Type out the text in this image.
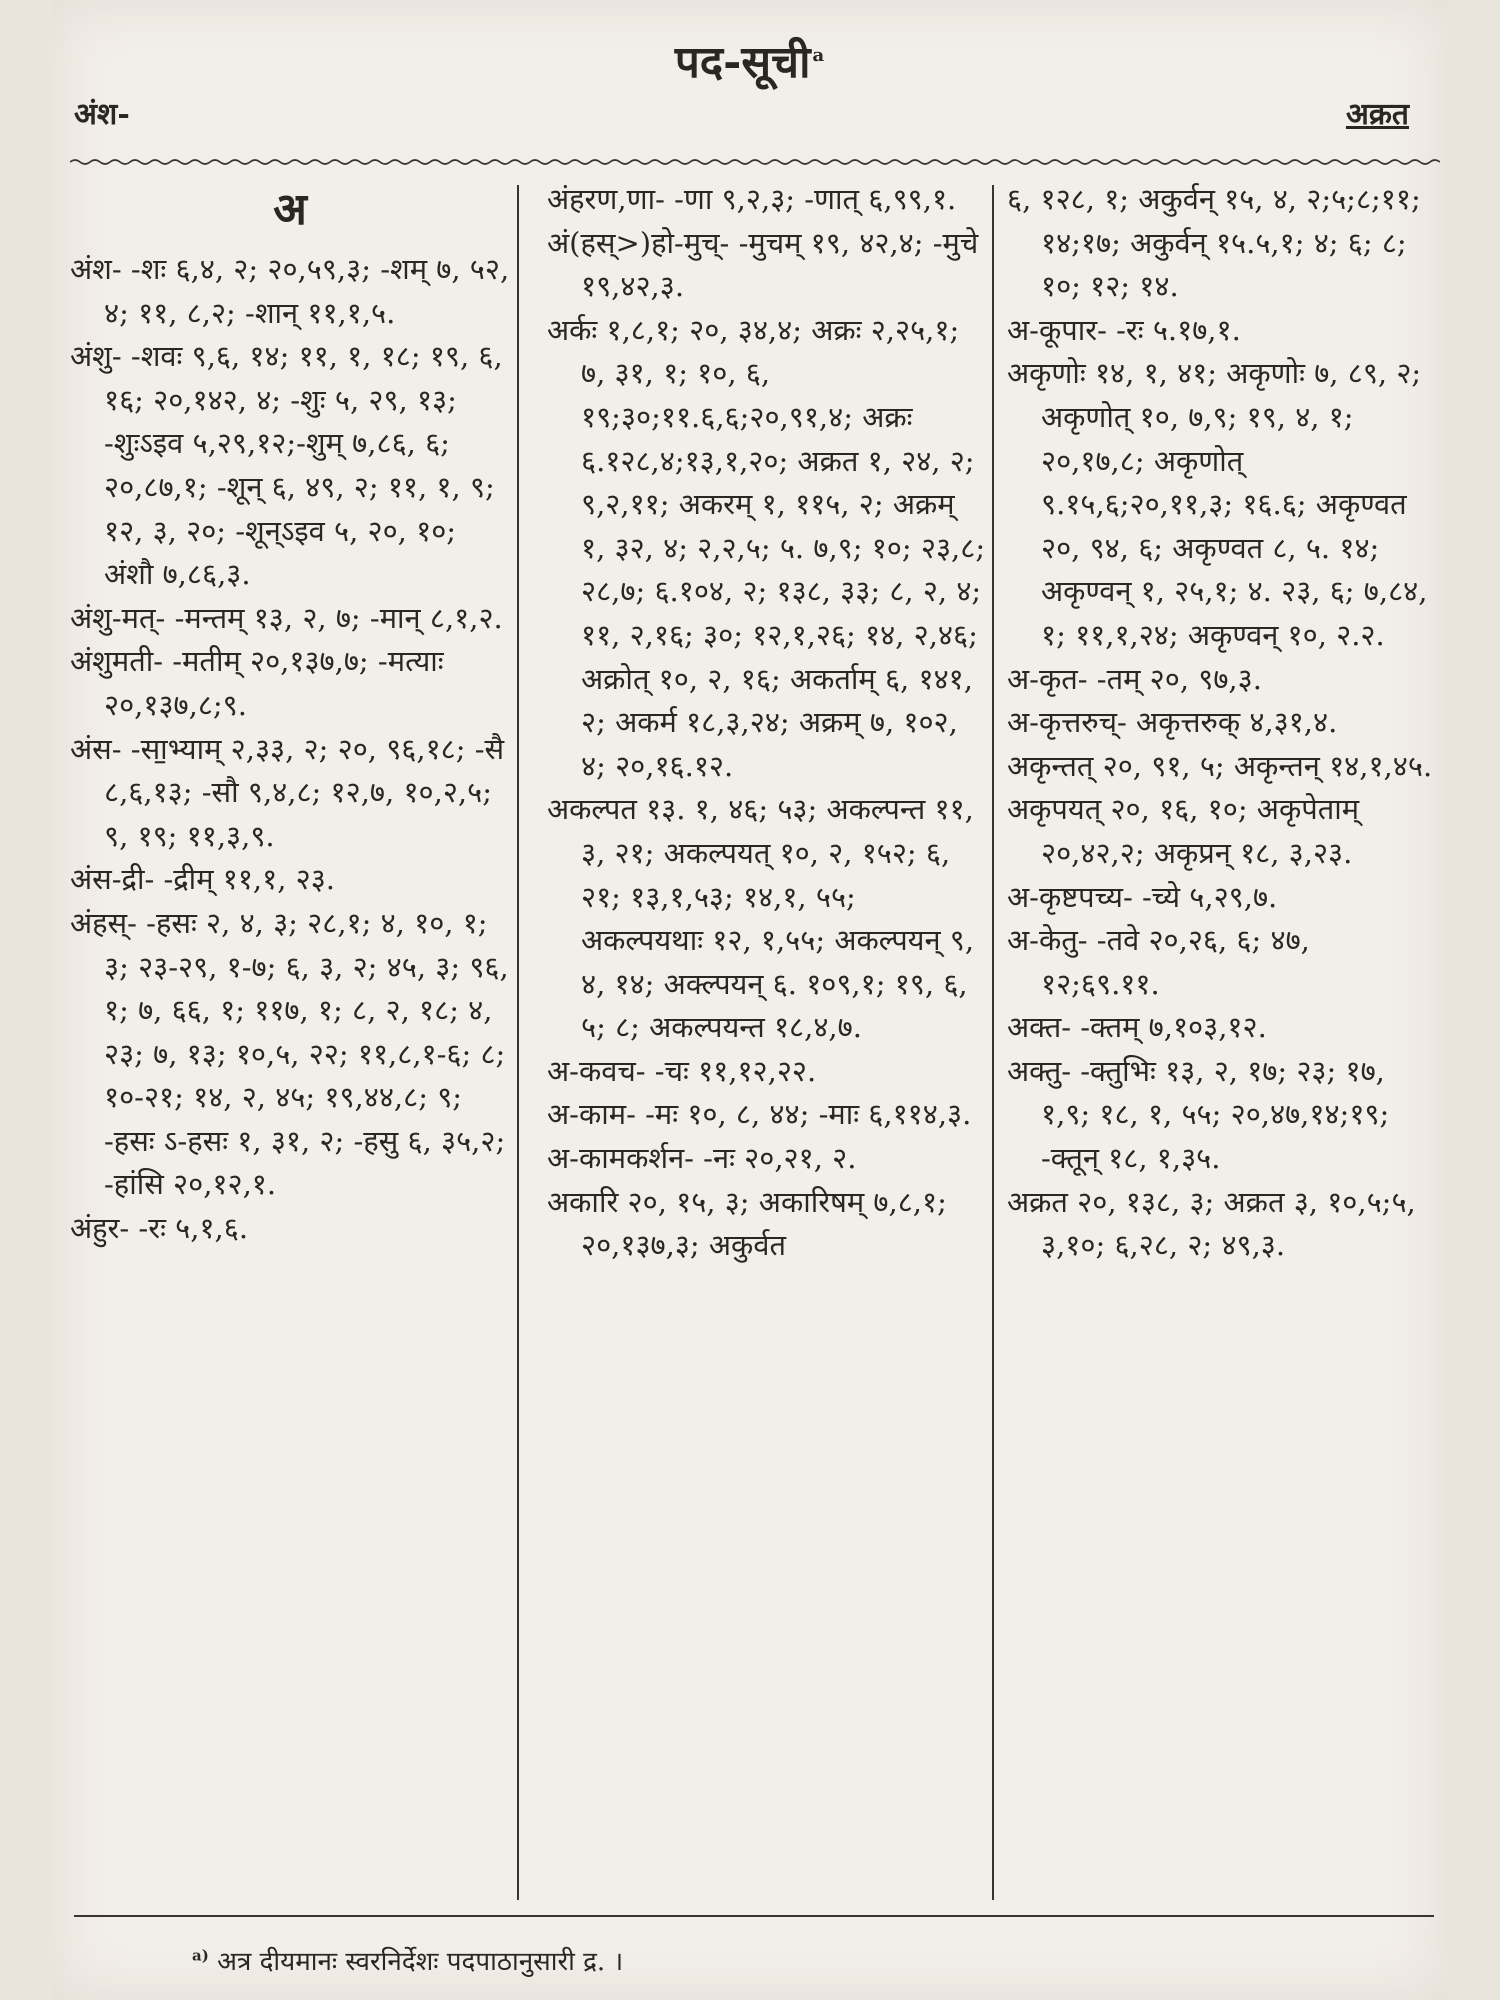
पद-सूची $^a$
अंश-	अक्रत
अ

अंश- -शः ६,४, २; २०,५९,३; -शम् ७, ५२, ४; ११, ८,२; -शान् ११,१,५.

अंशु- -शवः ९,६, १४; ११, १, १८; १९, ६, १६; २०,१४२, ४; -शुः ५, २९, १३; -शुःऽइव ५,२९,१२;-शुम् ७,८६, ६; २०,८७,१; -शून् ६, ४९, २; ११, १, ९; १२, ३, २०; -शून्ऽइव ५, २०, १०; अंशौ ७,८६,३.

अंशु-मत्- -मन्तम् १३, २, ७; -मान् ८,१,२.

अंशुमती- -मतीम् २०,१३७,७; -मत्याः २०,१३७,८;९.

अंस- -सा॒भ्याम् २,३३, २; २०, ९६,१८; -सै ८,६,१३; -सौ ९,४,८; १२,७, १०,२,५; ९, १९; ११,३,९.

अंस-द्री- -द्रीम् ११,१, २३.

अंहस्- -हसः २, ४, ३; २८,१; ४, १०, १; ३; २३-२९, १-७; ६, ३, २; ४५, ३; ९६, १; ७, ६६, १; ११७, १; ८, २, १८; ४, २३; ७, १३; १०,५, २२; ११,८,१-६; ८; १०-२१; १४, २, ४५; १९,४४,८; ९; -हसः ऽ-हसः १, ३१, २; -हसु ६, ३५,२; -हांसि २०,१२,१.

अंहुर- -रः ५,१,६.

अंहरण,णा- -णा ९,२,३; -णात् ६,९९,१.

अं(हस्>)हो-मुच्- -मुचम् १९, ४२,४; -मुचे १९,४२,३.

अर्कः १,८,१; २०, ३४,४; अक्रः २,२५,१; ७, ३१, १; १०, ६, १९;३०;११.६,६;२०,९१,४; अक्रः ६.१२८,४;१३,१,२०; अक्रत १, २४, २; ९,२,११; अकरम् १, ११५, २; अक्रम् १, ३२, ४; २,२,५; ५. ७,९; १०; २३,८; २८,७; ६.१०४, २; १३८, ३३; ८, २, ४; ११, २,१६; ३०; १२,१,२६; १४, २,४६; अक्रोत् १०, २, १६; अकर्ताम् ६, १४१, २; अकर्म १८,३,२४; अक्रम् ७, १०२, ४; २०,१६.१२.

अकल्पत १३. १, ४६; ५३; अकल्पन्त ११, ३, २१; अकल्पयत् १०, २, १५२; ६, २१; १३,१,५३; १४,१, ५५; अकल्पयथाः १२, १,५५; अकल्पयन् ९, ४, १४; अक्ल्पयन् ६. १०९,१; १९, ६, ५; ८; अकल्पयन्त १८,४,७.

अ-कवच- -चः ११,१२,२२.

अ-काम- -मः १०, ८, ४४; -माः ६,११४,३.

अ-कामकर्शन- -नः २०,२१, २.

अकारि २०, १५, ३; अकारिषम् ७,८,१; २०,१३७,३; अकुर्वत

६, १२८, १; अकुर्वन् १५, ४, २;५;८;११; १४;१७; अकुर्वन् १५.५,१; ४; ६; ८; १०; १२; १४.

अ-कूपार- -रः ५.१७,१.

अकृणोः १४, १, ४१; अकृणोः ७, ८९, २; अकृणोत् १०, ७,९; १९, ४, १; २०,१७,८; अकृणोत् ९.१५,६;२०,११,३; १६.६; अकृण्वत २०, ९४, ६; अकृण्वत ८, ५. १४; अकृण्वन् १, २५,१; ४. २३, ६; ७,८४, १; ११,१,२४; अकृण्वन् १०, २.२.

अ-कृत- -तम् २०, ९७,३.

अ-कृत्तरुच्- अकृत्तरुक् ४,३१,४.

अकृन्तत् २०, ९१, ५; अकृन्तन् १४,१,४५.

अकृपयत् २०, १६, १०; अकृपेताम् २०,४२,२; अकृप्रन् १८, ३,२३.

अ-कृष्टपच्य- -च्ये ५,२९,७.

अ-केतु- -तवे २०,२६, ६; ४७, १२;६९.११.

अक्त- -क्तम् ७,१०३,१२.

अक्तु- -क्तुभिः १३, २, १७; २३; १७, १,९; १८, १, ५५; २०,४७,१४;१९; -क्तून् १८, १,३५.

अक्रत २०, १३८, ३; अक्रत ३, १०,५;५, ३,१०; ६,२८, २; ४९,३.

$^{a)}$ अत्र दीयमानः स्वरनिर्देशः पदपाठानुसारी द्र. ।
